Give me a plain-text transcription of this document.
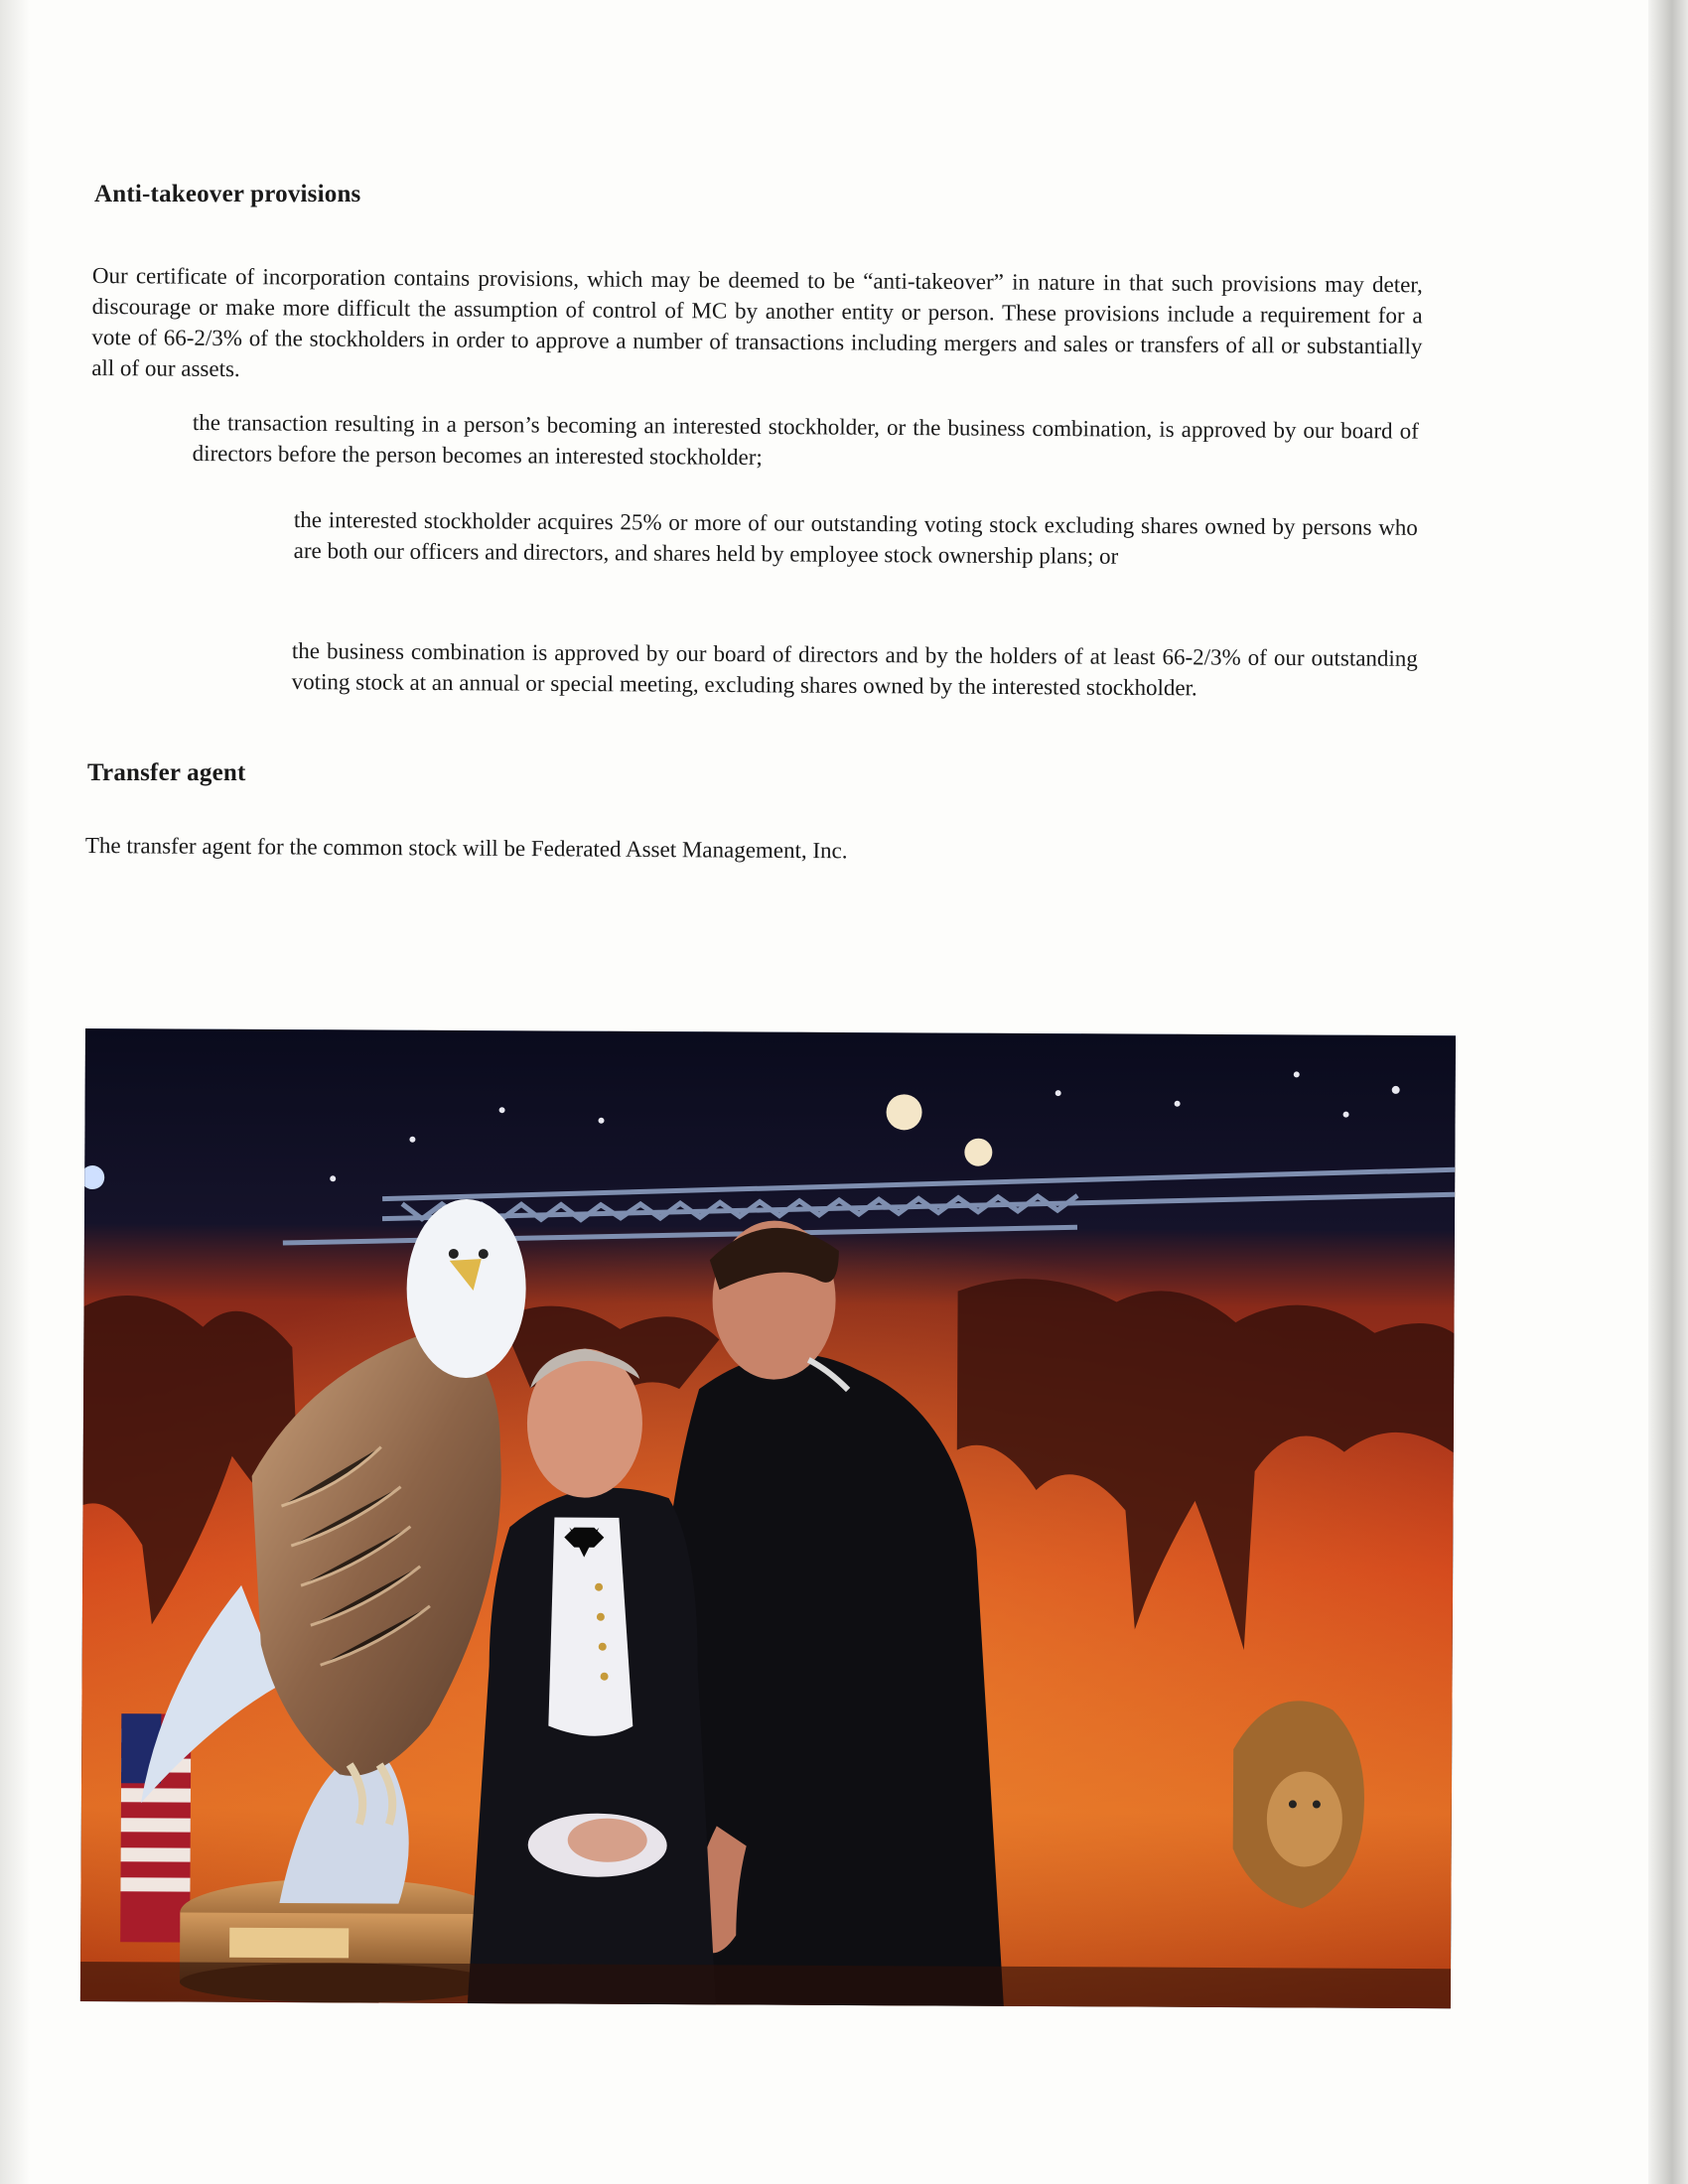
Anti-takeover provisions

Our certificate of incorporation contains provisions, which may be deemed to be “anti-takeover” in nature in that such provisions may deter, discourage or make more difficult the assumption of control of MC by another entity or person. These provisions include a requirement for a vote of 66-2/3% of the stockholders in order to approve a number of transactions including mergers and sales or transfers of all or substantially all of our assets.

the transaction resulting in a person’s becoming an interested stockholder, or the business combination, is approved by our board of directors before the person becomes an interested stockholder;

the interested stockholder acquires 25% or more of our outstanding voting stock excluding shares owned by persons who are both our officers and directors, and shares held by employee stock ownership plans; or

the business combination is approved by our board of directors and by the holders of at least 66-2/3% of our outstanding voting stock at an annual or special meeting, excluding shares owned by the interested stockholder.

Transfer agent

The transfer agent for the common stock will be Federated Asset Management, Inc.
